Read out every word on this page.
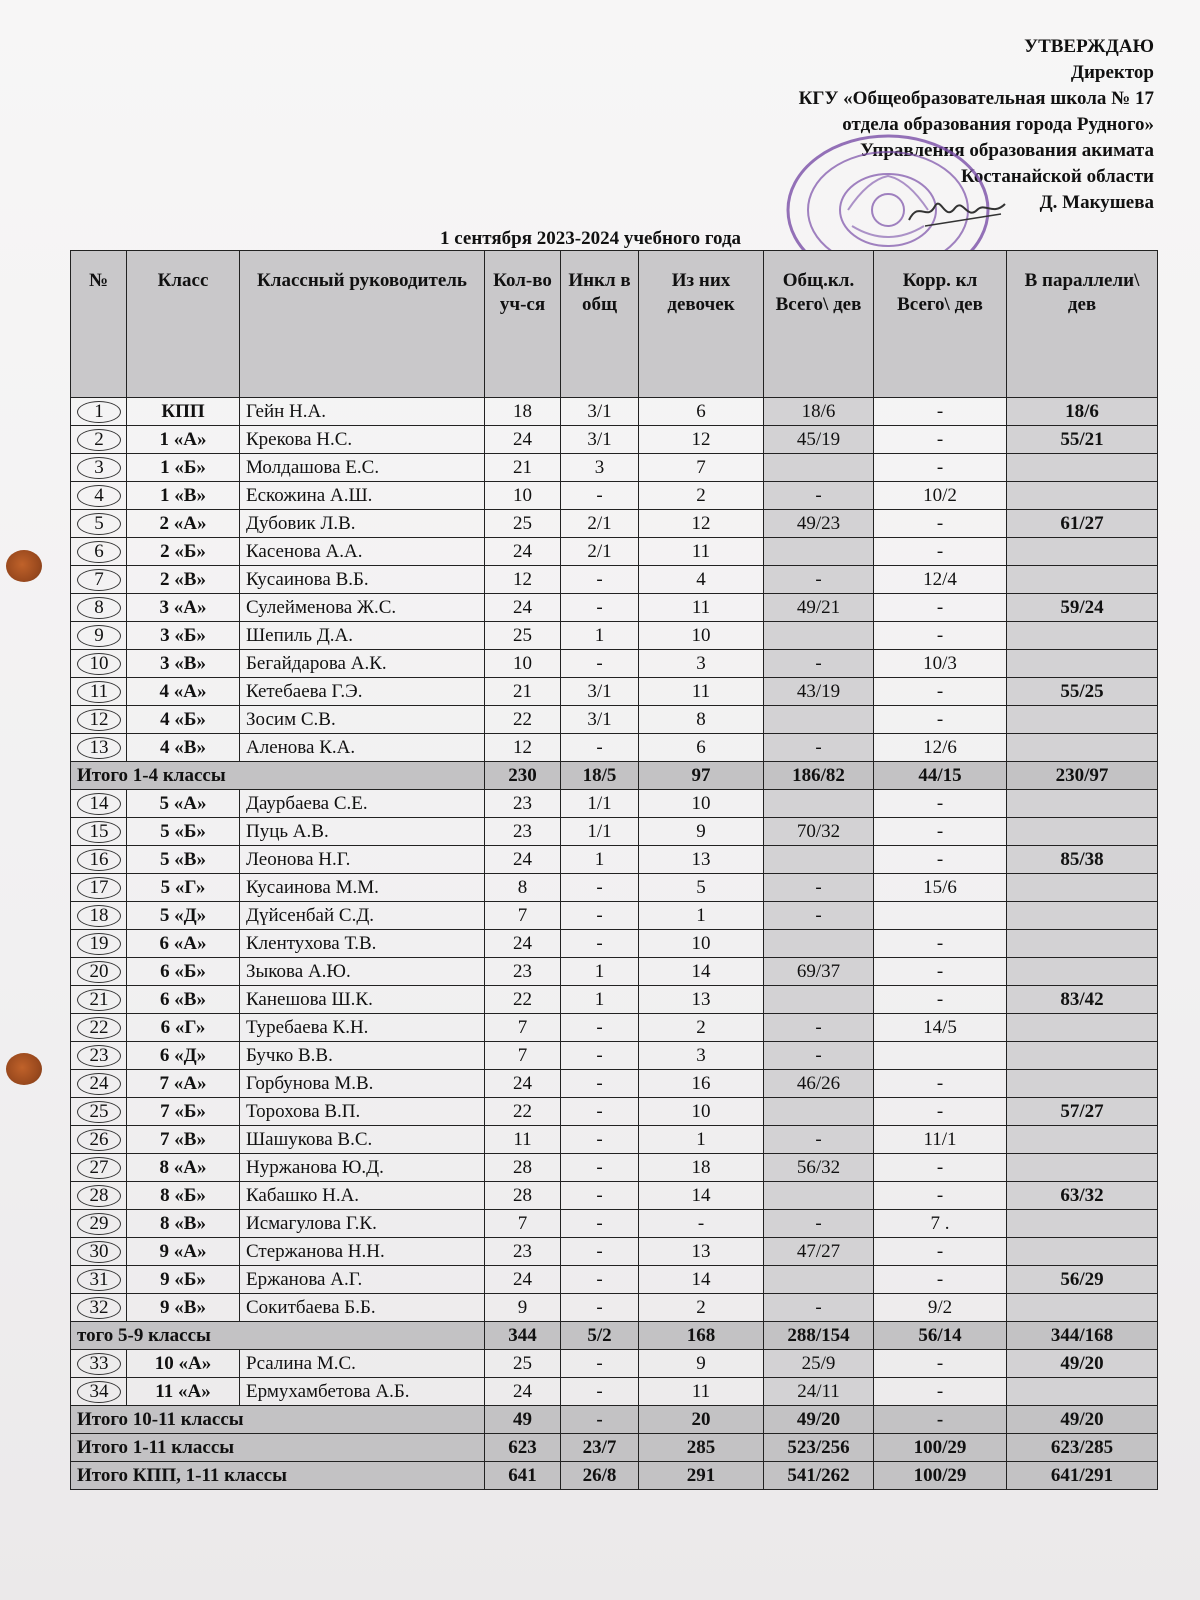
УТВЕРЖДАЮ
Директор
КГУ «Общеобразовательная школа № 17
отдела образования города Рудного»
Управления образования акимата
Костанайской области
Д. Макушева
1 сентября 2023-2024 учебного года
№	Класс	Классный руководитель	Кол-во уч-ся	Инкл в общ	Из них девочек	Общ.кл. Всего\ дев	Корр. кл Всего\ дев	В параллели\ дев
1	КПП	Гейн Н.А.	18	3/1	6	18/6	-	18/6
2	1 «А»	Крекова Н.С.	24	3/1	12	45/19	-	55/21
3	1 «Б»	Молдашова Е.С.	21	3	7		-	
4	1 «В»	Ескожина А.Ш.	10	-	2	-	10/2	
5	2 «А»	Дубовик Л.В.	25	2/1	12	49/23	-	61/27
6	2 «Б»	Касенова А.А.	24	2/1	11		-	
7	2 «В»	Кусаинова В.Б.	12	-	4	-	12/4	
8	3 «А»	Сулейменова Ж.С.	24	-	11	49/21	-	59/24
9	3 «Б»	Шепиль Д.А.	25	1	10		-	
10	3 «В»	Бегайдарова А.К.	10	-	3	-	10/3	
11	4 «А»	Кетебаева Г.Э.	21	3/1	11	43/19	-	55/25
12	4 «Б»	Зосим С.В.	22	3/1	8		-	
13	4 «В»	Аленова К.А.	12	-	6	-	12/6	
Итого 1-4 классы			230	18/5	97	186/82	44/15	230/97
14	5 «А»	Даурбаева С.Е.	23	1/1	10		-	
15	5 «Б»	Пуць А.В.	23	1/1	9	70/32	-	
16	5 «В»	Леонова Н.Г.	24	1	13		-	85/38
17	5 «Г»	Кусаинова М.М.	8	-	5	-	15/6	
18	5 «Д»	Дүйсенбай С.Д.	7	-	1	-		
19	6 «А»	Клентухова Т.В.	24	-	10		-	
20	6 «Б»	Зыкова А.Ю.	23	1	14	69/37	-	
21	6 «В»	Канешова Ш.К.	22	1	13		-	83/42
22	6 «Г»	Туребаева К.Н.	7	-	2	-	14/5	
23	6 «Д»	Бучко В.В.	7	-	3	-		
24	7 «А»	Горбунова М.В.	24	-	16	46/26	-	
25	7 «Б»	Торохова В.П.	22	-	10		-	57/27
26	7 «В»	Шашукова В.С.	11	-	1	-	11/1	
27	8 «А»	Нуржанова Ю.Д.	28	-	18	56/32	-	
28	8 «Б»	Кабашко Н.А.	28	-	14		-	63/32
29	8 «В»	Исмагулова Г.К.	7	-	-	-	7 .	
30	9 «А»	Стержанова Н.Н.	23	-	13	47/27	-	
31	9 «Б»	Ержанова А.Г.	24	-	14		-	56/29
32	9 «В»	Сокитбаева Б.Б.	9	-	2	-	9/2	
того 5-9 классы			344	5/2	168	288/154	56/14	344/168
33	10 «А»	Рсалина М.С.	25	-	9	25/9	-	49/20
34	11 «А»	Ермухамбетова А.Б.	24	-	11	24/11	-	
Итого 10-11 классы			49	-	20	49/20	-	49/20
Итого 1-11 классы			623	23/7	285	523/256	100/29	623/285
Итого КПП, 1-11 классы			641	26/8	291	541/262	100/29	641/291
